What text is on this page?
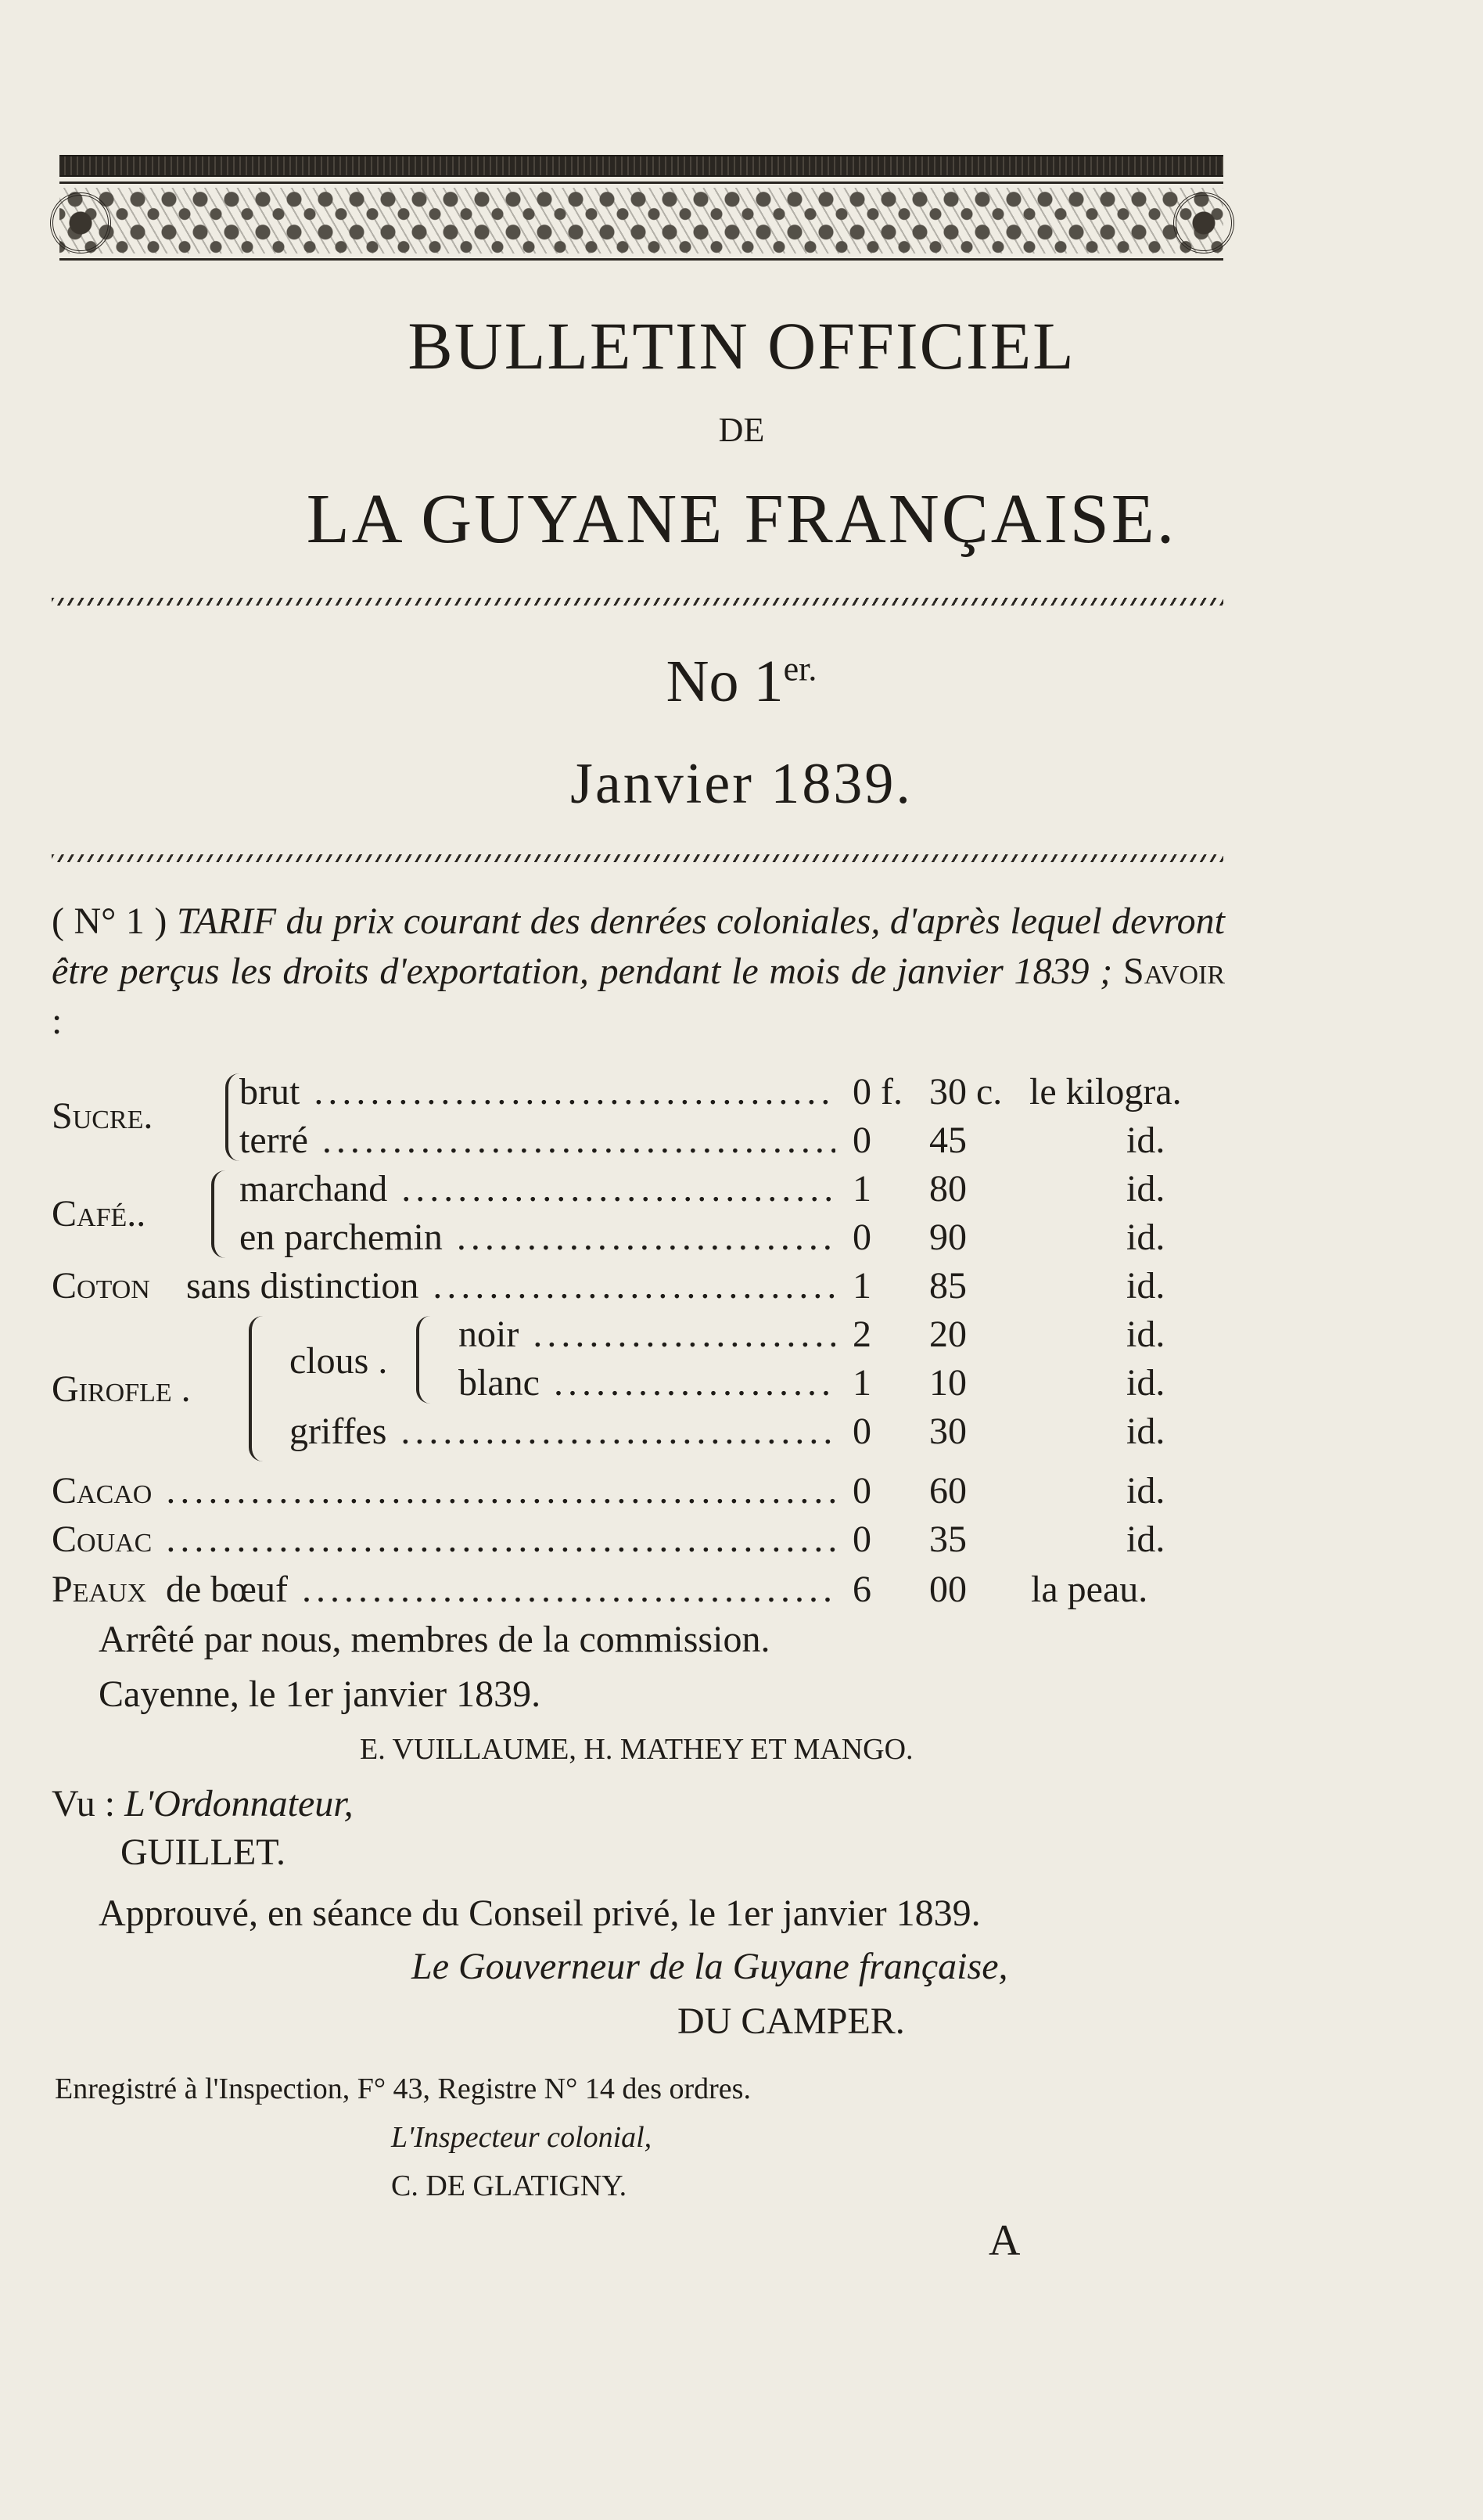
BULLETIN OFFICIEL
DE
LA GUYANE FRANÇAISE.
No $1^{er.}$
Janvier 1839.
( N° 1 ) TARIF du prix courant des denrées coloniales, d'après lequel devront être perçus les droits d'exportation, pendant le mois de janvier 1839 ; Savoir :
Sucre.
brut .....	0 f. 30 c. le kilogra.
terré .....	0 45	id.
Café..
marchand .....	1 80	id.
en parchemin .....	0 90	id.
Coton sans distinction .....	1 85	id.
Girofle .
clous .
noir .....	2 20	id.
blanc .....	1 10	id.
griffes .....	0 30	id.
Cacao .....	0 60	id.
Couac .....	0 35	id.
Peaux de bœuf .....	6 00 la peau.
Arrêté par nous, membres de la commission.
Cayenne, le 1er janvier 1839.
E. VUILLAUME, H. MATHEY ET MANGO.
Vu : L'Ordonnateur,
GUILLET.
Approuvé, en séance du Conseil privé, le 1er janvier 1839.
Le Gouverneur de la Guyane française,
DU CAMPER.
Enregistré à l'Inspection, F° 43, Registre N° 14 des ordres.
L'Inspecteur colonial,
C. DE GLATIGNY.
A
